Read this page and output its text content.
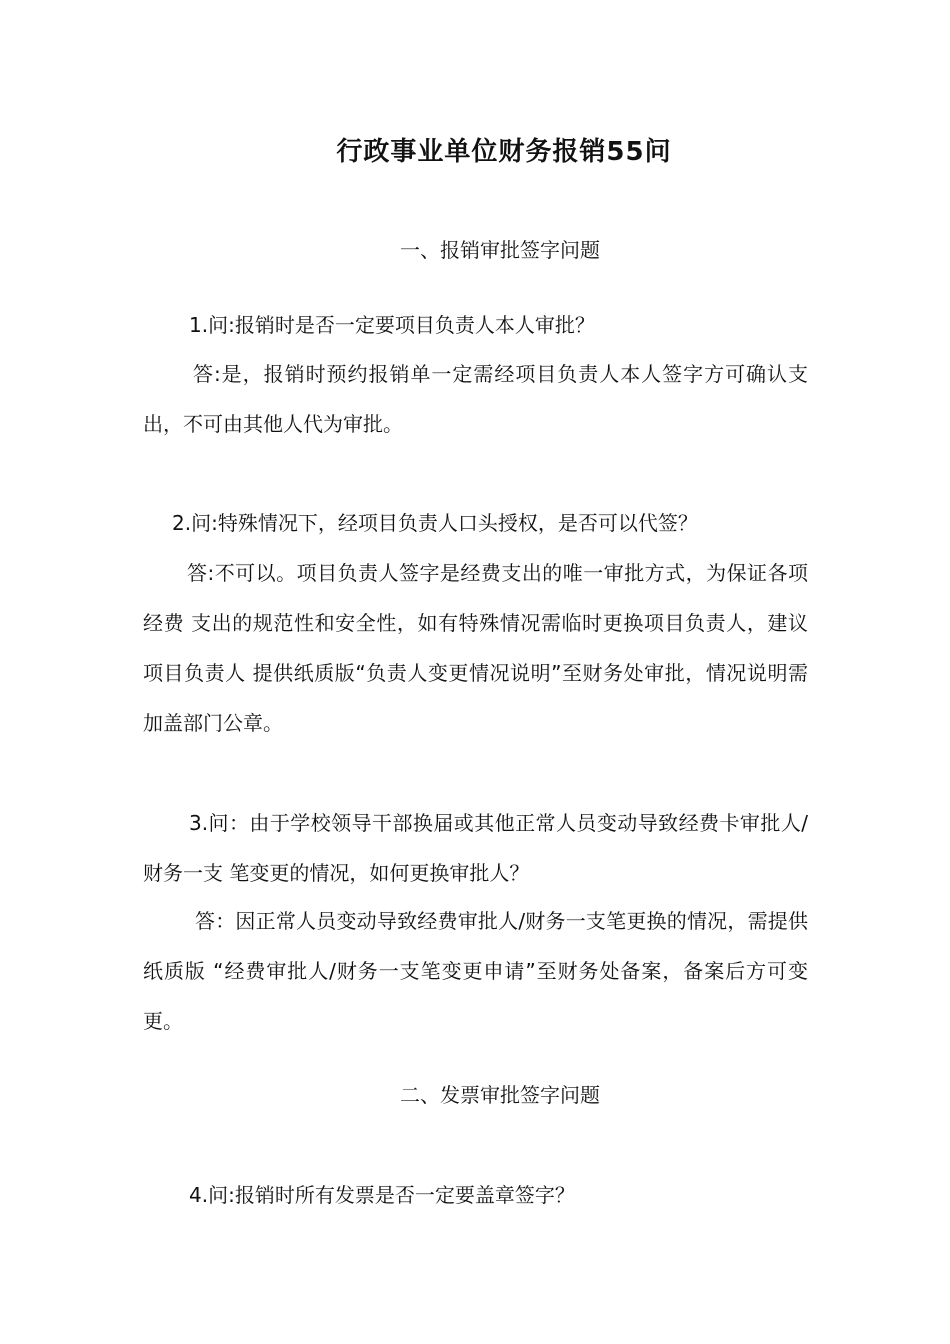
行政事业单位财务报销55问
一、报销审批签字问题
1.问:报销时是否一定要项目负责人本人审批？
答:是，报销时预约报销单一定需经项目负责人本人签字方可确认支出，不可由其他人代为审批。
2.问:特殊情况下，经项目负责人口头授权，是否可以代签？
答:不可以。项目负责人签字是经费支出的唯一审批方式，为保证各项经费 支出的规范性和安全性，如有特殊情况需临时更换项目负责人，建议项目负责人 提供纸质版“负责人变更情况说明”至财务处审批，情况说明需加盖部门公章。
3.问：由于学校领导干部换届或其他正常人员变动导致经费卡审批人/财务一支 笔变更的情况，如何更换审批人？
答：因正常人员变动导致经费审批人/财务一支笔更换的情况，需提供纸质版 “经费审批人/财务一支笔变更申请”至财务处备案，备案后方可变更。
二、发票审批签字问题
4.问:报销时所有发票是否一定要盖章签字？
